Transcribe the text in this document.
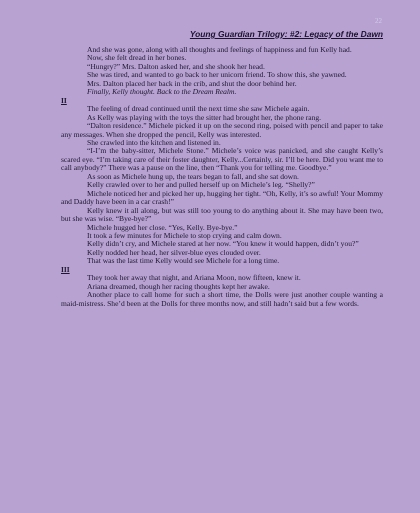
22
Young Guardian Trilogy: #2: Legacy of the Dawn

And she was gone, along with all thoughts and feelings of happiness and fun Kelly had.

Now, she felt dread in her bones.

“Hungry?” Mrs. Dalton asked her, and she shook her head.

She was tired, and wanted to go back to her unicorn friend. To show this, she yawned.

Mrs. Dalton placed her back in the crib, and shut the door behind her.

Finally, Kelly thought. Back to the Dream Realm.

II

The feeling of dread continued until the next time she saw Michele again.

As Kelly was playing with the toys the sitter had brought her, the phone rang.

“Dalton residence.” Michele picked it up on the second ring, poised with pencil and paper to take any messages. When she dropped the pencil, Kelly was interested.

She crawled into the kitchen and listened in.

“I-I’m the baby-sitter, Michele Stone.” Michele’s voice was panicked, and she caught Kelly’s scared eye. “I’m taking care of their foster daughter, Kelly...Certainly, sir. I’ll be here. Did you want me to call anybody?” There was a pause on the line, then “Thank you for telling me. Goodbye.”

As soon as Michele hung up, the tears began to fall, and she sat down.

Kelly crawled over to her and pulled herself up on Michele’s leg. “Shelly?”

Michele noticed her and picked her up, hugging her tight. “Oh, Kelly, it’s so awful! Your Mommy and Daddy have been in a car crash!”

Kelly knew it all along, but was still too young to do anything about it. She may have been two, but she was wise. “Bye-bye?”

Michele hugged her close. “Yes, Kelly. Bye-bye.”

It took a few minutes for Michele to stop crying and calm down.

Kelly didn’t cry, and Michele stared at her now. “You knew it would happen, didn’t you?”

Kelly nodded her head, her silver-blue eyes clouded over.

That was the last time Kelly would see Michele for a long time.

III

They took her away that night, and Ariana Moon, now fifteen, knew it.

Ariana dreamed, though her racing thoughts kept her awake.

Another place to call home for such a short time, the Dolls were just another couple wanting a maid-mistress. She’d been at the Dolls for three months now, and still hadn’t said but a few words.
